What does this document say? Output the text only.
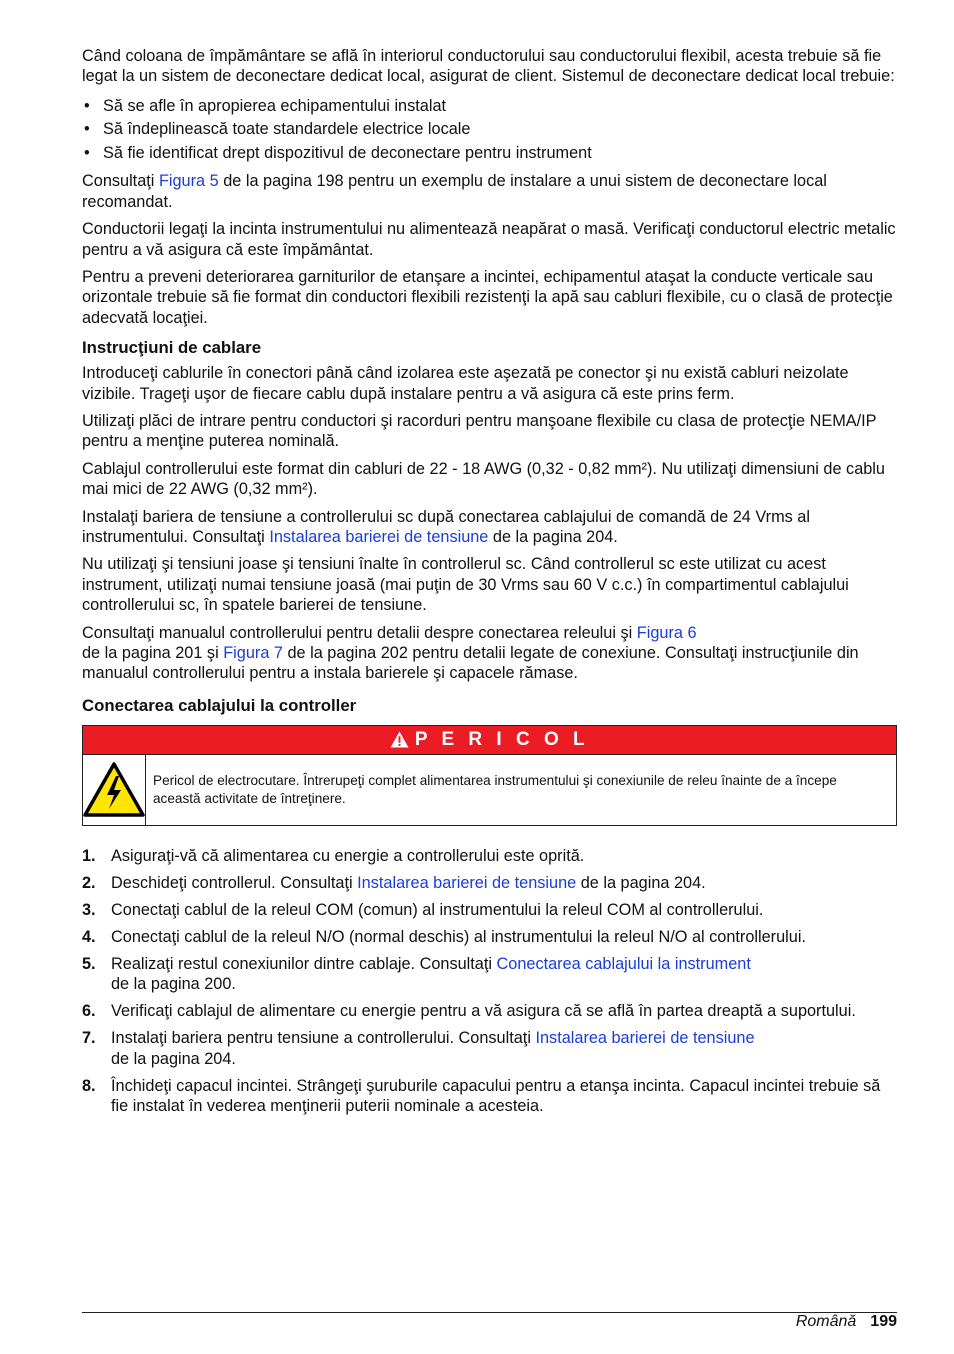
Când coloana de împământare se află în interiorul conductorului sau conductorului flexibil, acesta trebuie să fie legat la un sistem de deconectare dedicat local, asigurat de client. Sistemul de deconectare dedicat local trebuie:

• Să se afle în apropierea echipamentului instalat
• Să îndeplinească toate standardele electrice locale
• Să fie identificat drept dispozitivul de deconectare pentru instrument

Consultaţi Figura 5 de la pagina 198 pentru un exemplu de instalare a unui sistem de deconectare local recomandat.

Conductorii legaţi la incinta instrumentului nu alimentează neapărat o masă. Verificaţi conductorul electric metalic pentru a vă asigura că este împământat.

Pentru a preveni deteriorarea garniturilor de etanşare a incintei, echipamentul ataşat la conducte verticale sau orizontale trebuie să fie format din conductori flexibili rezistenţi la apă sau cabluri flexibile, cu o clasă de protecţie adecvată locaţiei.

Instrucţiuni de cablare

Introduceţi cablurile în conectori până când izolarea este aşezată pe conector şi nu există cabluri neizolate vizibile. Trageţi uşor de fiecare cablu după instalare pentru a vă asigura că este prins ferm.

Utilizaţi plăci de intrare pentru conductori şi racorduri pentru manşoane flexibile cu clasa de protecţie NEMA/IP pentru a menţine puterea nominală.

Cablajul controllerului este format din cabluri de 22 - 18 AWG (0,32 - 0,82 mm²). Nu utilizaţi dimensiuni de cablu mai mici de 22 AWG (0,32 mm²).

Instalaţi bariera de tensiune a controllerului sc după conectarea cablajului de comandă de 24 Vrms al instrumentului. Consultaţi Instalarea barierei de tensiune de la pagina 204.

Nu utilizaţi şi tensiuni joase şi tensiuni înalte în controllerul sc. Când controllerul sc este utilizat cu acest instrument, utilizaţi numai tensiune joasă (mai puţin de 30 Vrms sau 60 V c.c.) în compartimentul cablajului controllerului sc, în spatele barierei de tensiune.

Consultaţi manualul controllerului pentru detalii despre conectarea releului şi Figura 6
de la pagina 201 şi Figura 7 de la pagina 202 pentru detalii legate de conexiune. Consultaţi instrucţiunile din manualul controllerului pentru a instala barierele şi capacele rămase.

Conectarea cablajului la controller
P E R I C O L
Pericol de electrocutare. Întrerupeţi complet alimentarea instrumentului şi conexiunile de releu înainte de a începe această activitate de întreţinere.
1. Asiguraţi-vă că alimentarea cu energie a controllerului este oprită.
2. Deschideţi controllerul. Consultaţi Instalarea barierei de tensiune de la pagina 204.
3. Conectaţi cablul de la releul COM (comun) al instrumentului la releul COM al controllerului.
4. Conectaţi cablul de la releul N/O (normal deschis) al instrumentului la releul N/O al controllerului.
5. Realizaţi restul conexiunilor dintre cablaje. Consultaţi Conectarea cablajului la instrument
de la pagina 200.
6. Verificaţi cablajul de alimentare cu energie pentru a vă asigura că se află în partea dreaptă a suportului.
7. Instalaţi bariera pentru tensiune a controllerului. Consultaţi Instalarea barierei de tensiune
de la pagina 204.
8. Închideţi capacul incintei. Strângeţi şuruburile capacului pentru a etanşa incinta. Capacul incintei trebuie să fie instalat în vederea menţinerii puterii nominale a acesteia.
Română 199
